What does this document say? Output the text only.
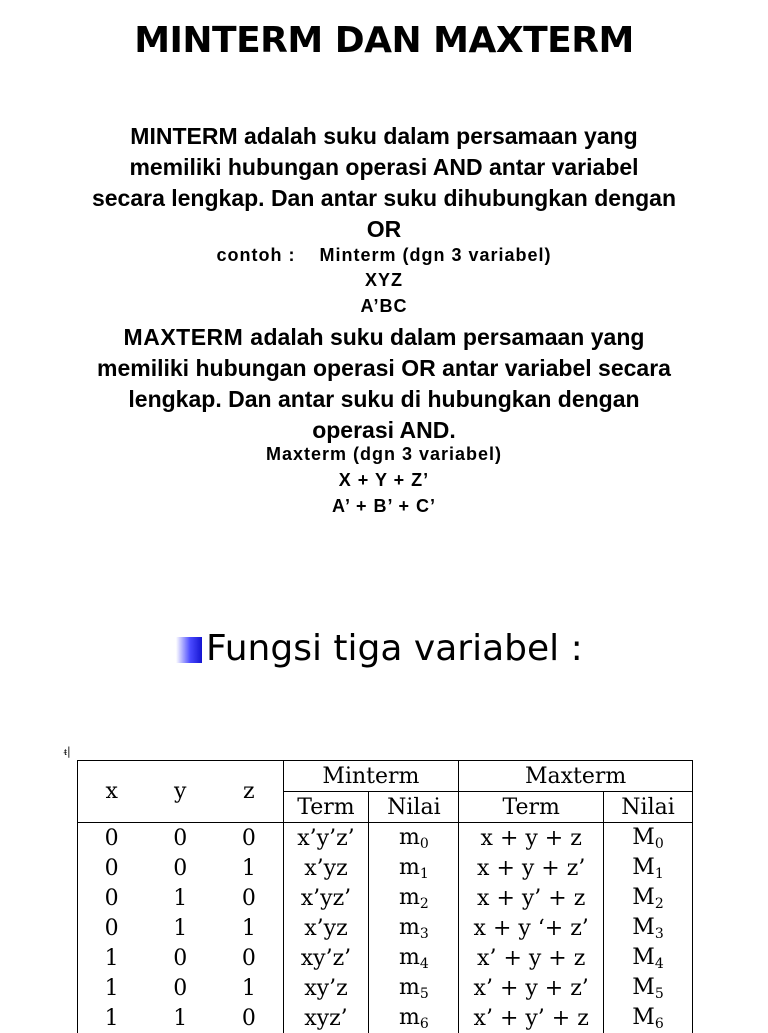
MINTERM DAN MAXTERM
MINTERM adalah suku dalam persamaan yang memiliki hubungan operasi AND antar variabel secara lengkap. Dan antar suku dihubungkan dengan OR
contoh :    Minterm (dgn 3 variabel)
XYZ
A’BC
MAXTERM adalah suku dalam persamaan yang memiliki hubungan operasi OR antar variabel secara lengkap. Dan antar suku di hubungkan dengan operasi AND.
Maxterm (dgn 3 variabel)
X + Y + Z’
A’ + B’ + C’
Fungsi tiga variabel :
ᵵ|
x	y	z	Minterm		Maxterm	
			Term	Nilai	Term	Nilai
0	0	0	x’y’z’	$m_0$	x + y + z	$M_0$
0	0	1	x’yz	$m_1$	x + y + z’	$M_1$
0	1	0	x’yz’	$m_2$	x + y’ + z	$M_2$
0	1	1	x’yz	$m_3$	x + y ‘+ z’	$M_3$
1	0	0	xy’z’	$m_4$	x’ + y + z	$M_4$
1	0	1	xy’z	$m_5$	x’ + y + z’	$M_5$
1	1	0	xyz’	$m_6$	x’ + y’ + z	$M_6$
